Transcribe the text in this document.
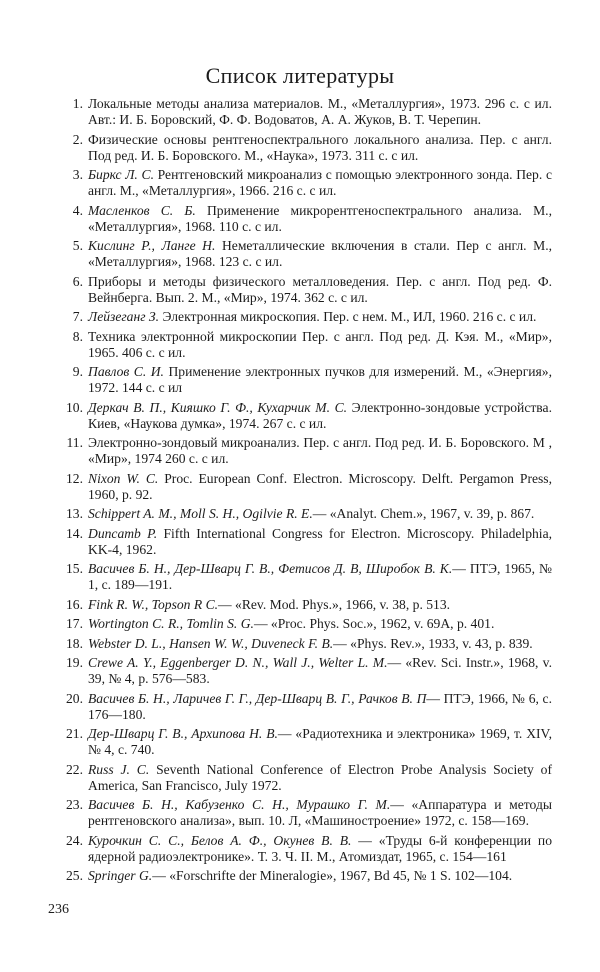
Список литературы
1. Локальные методы анализа материалов. М., «Металлургия», 1973. 296 с. с ил. Авт.: И. Б. Боровский, Ф. Ф. Водоватов, А. А. Жуков, В. Т. Черепин.
2. Физические основы рентгеноспектрального локального анализа. Пер. с англ. Под ред. И. Б. Боровского. М., «Наука», 1973. 311 с. с ил.
3. Биркс Л. С. Рентгеновский микроанализ с помощью электронного зонда. Пер. с англ. М., «Металлургия», 1966. 216 с. с ил.
4. Масленков С. Б. Применение микрорентгеноспектрального анализа. М., «Металлургия», 1968. 110 с. с ил.
5. Кислинг Р., Ланге Н. Неметаллические включения в стали. Пер с англ. М., «Металлургия», 1968. 123 с. с ил.
6. Приборы и методы физического металловедения. Пер. с англ. Под ред. Ф. Вейнберга. Вып. 2. М., «Мир», 1974. 362 с. с ил.
7. Лейзеганг З. Электронная микроскопия. Пер. с нем. М., ИЛ, 1960. 216 с. с ил.
8. Техника электронной микроскопии Пер. с англ. Под ред. Д. Кэя. М., «Мир», 1965. 406 с. с ил.
9. Павлов С. И. Применение электронных пучков для измерений. М., «Энергия», 1972. 144 с. с ил
10. Деркач В. П., Кияшко Г. Ф., Кухарчик М. С. Электронно-зондовые устройства. Киев, «Наукова думка», 1974. 267 с. с ил.
11. Электронно-зондовый микроанализ. Пер. с англ. Под ред. И. Б. Боровского. М , «Мир», 1974 260 с. с ил.
12. Nixon W. C. Proc. European Conf. Electron. Microscopy. Delft. Pergamon Press, 1960, p. 92.
13. Schippert A. M., Moll S. H., Ogilvie R. E.— «Analyt. Chem.», 1967, v. 39, p. 867.
14. Duncamb P. Fifth International Congress for Electron. Microscopy. Philadelphia, KK-4, 1962.
15. Васичев Б. Н., Дер-Шварц Г. В., Фетисов Д. В, Широбок В. К.— ПТЭ, 1965, № 1, с. 189—191.
16. Fink R. W., Topson R C.— «Rev. Mod. Phys.», 1966, v. 38, p. 513.
17. Wortington C. R., Tomlin S. G.— «Proc. Phys. Soc.», 1962, v. 69A, p. 401.
18. Webster D. L., Hansen W. W., Duveneck F. B.— «Phys. Rev.», 1933, v. 43, p. 839.
19. Crewe A. Y., Eggenberger D. N., Wall J., Welter L. M.— «Rev. Sci. Instr.», 1968, v. 39, № 4, p. 576—583.
20. Васичев Б. Н., Ларичев Г. Г., Дер-Шварц В. Г., Рачков В. П— ПТЭ, 1966, № 6, с. 176—180.
21. Дер-Шварц Г. В., Архипова Н. В.— «Радиотехника и электроника» 1969, т. XIV, № 4, с. 740.
22. Russ J. C. Seventh National Conference of Electron Probe Analysis Society of America, San Francisco, July 1972.
23. Васичев Б. Н., Кабузенко С. Н., Мурашко Г. М.— «Аппаратура и методы рентгеновского анализа», вып. 10. Л, «Машиностроение» 1972, с. 158—169.
24. Курочкин С. С., Белов А. Ф., Окунев В. В. — «Труды 6-й конференции по ядерной радиоэлектронике». Т. 3. Ч. II. М., Атомиздат, 1965, с. 154—161
25. Springer G.— «Forschrifte der Mineralogie», 1967, Bd 45, № 1 S. 102—104.
236
